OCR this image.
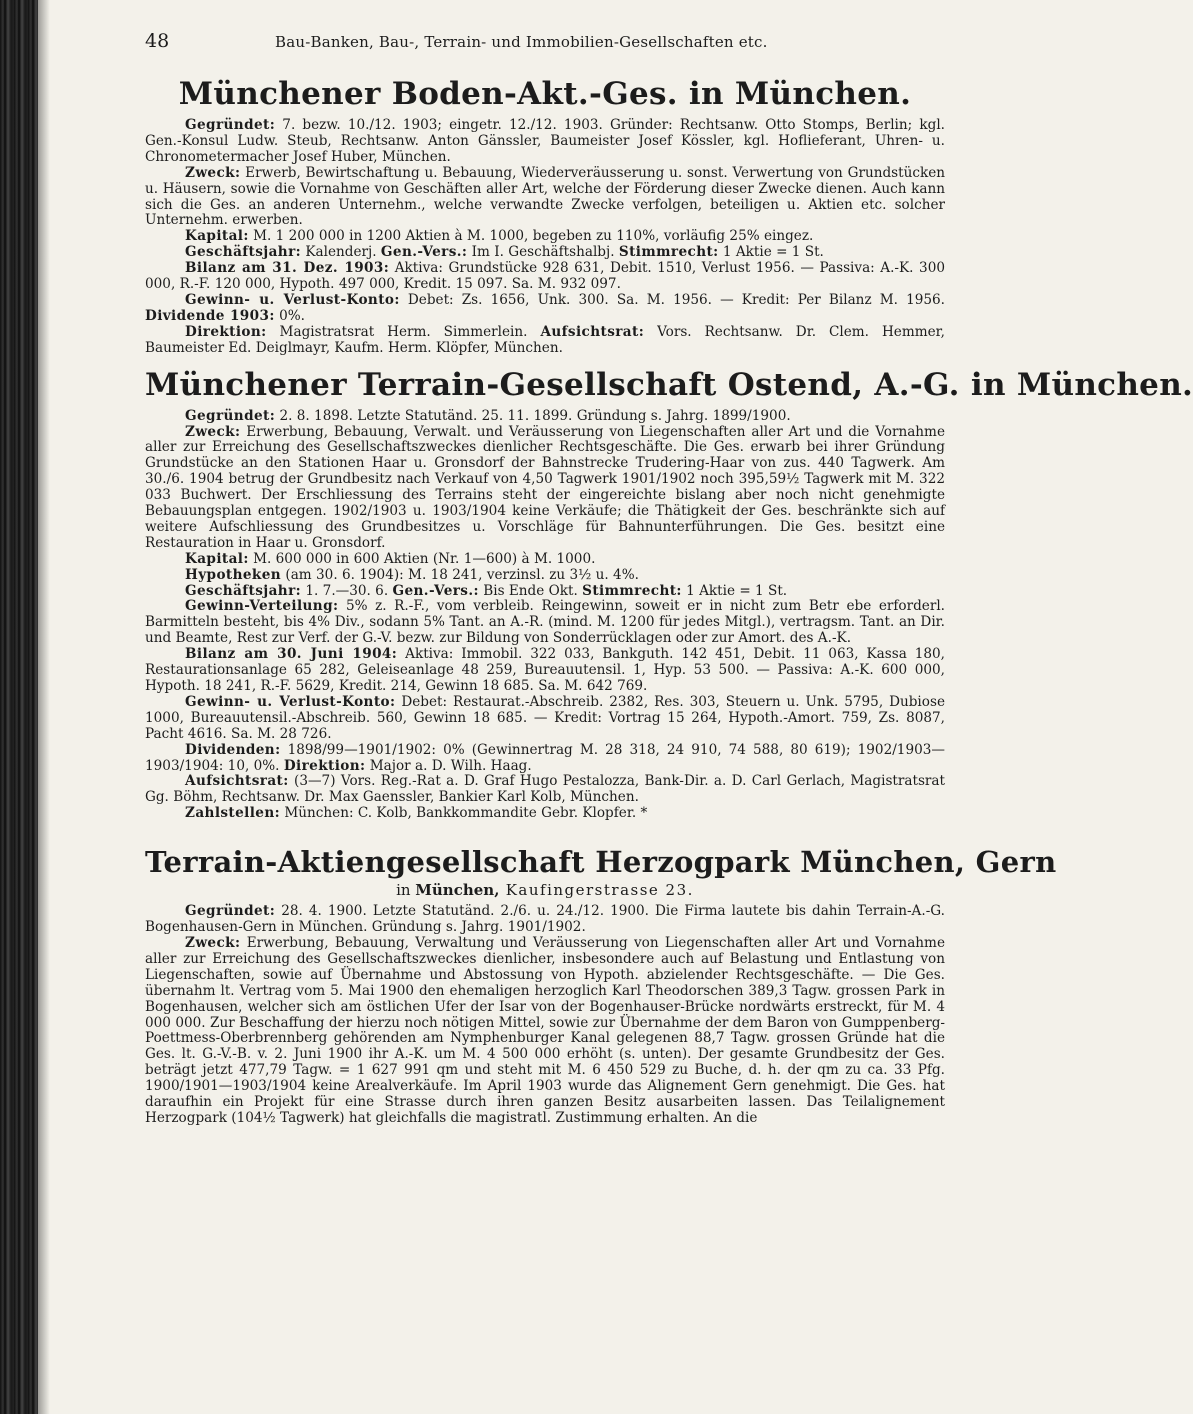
48	Bau-Banken, Bau-, Terrain- und Immobilien-Gesellschaften etc.
Münchener Boden-Akt.-Ges. in München.

Gegründet: 7. bezw. 10./12. 1903; eingetr. 12./12. 1903. Gründer: Rechtsanw. Otto Stomps, Berlin; kgl. Gen.-Konsul Ludw. Steub, Rechtsanw. Anton Gänssler, Baumeister Josef Kössler, kgl. Hoflieferant, Uhren- u. Chronometermacher Josef Huber, München.

Zweck: Erwerb, Bewirtschaftung u. Bebauung, Wiederveräusserung u. sonst. Verwertung von Grundstücken u. Häusern, sowie die Vornahme von Geschäften aller Art, welche der Förderung dieser Zwecke dienen. Auch kann sich die Ges. an anderen Unternehm., welche verwandte Zwecke verfolgen, beteiligen u. Aktien etc. solcher Unternehm. erwerben.

Kapital: M. 1 200 000 in 1200 Aktien à M. 1000, begeben zu 110%, vorläufig 25% eingez.

Geschäftsjahr: Kalenderj. Gen.-Vers.: Im I. Geschäftshalbj. Stimmrecht: 1 Aktie = 1 St.

Bilanz am 31. Dez. 1903: Aktiva: Grundstücke 928 631, Debit. 1510, Verlust 1956. — Passiva: A.-K. 300 000, R.-F. 120 000, Hypoth. 497 000, Kredit. 15 097. Sa. M. 932 097.

Gewinn- u. Verlust-Konto: Debet: Zs. 1656, Unk. 300. Sa. M. 1956. — Kredit: Per Bilanz M. 1956. Dividende 1903: 0%.

Direktion: Magistratsrat Herm. Simmerlein. Aufsichtsrat: Vors. Rechtsanw. Dr. Clem. Hemmer, Baumeister Ed. Deiglmayr, Kaufm. Herm. Klöpfer, München.

Münchener Terrain-Gesellschaft Ostend, A.-G. in München.

Gegründet: 2. 8. 1898. Letzte Statutänd. 25. 11. 1899. Gründung s. Jahrg. 1899/1900.

Zweck: Erwerbung, Bebauung, Verwalt. und Veräusserung von Liegenschaften aller Art und die Vornahme aller zur Erreichung des Gesellschaftszweckes dienlicher Rechtsgeschäfte. Die Ges. erwarb bei ihrer Gründung Grundstücke an den Stationen Haar u. Gronsdorf der Bahnstrecke Trudering-Haar von zus. 440 Tagwerk. Am 30./6. 1904 betrug der Grundbesitz nach Verkauf von 4,50 Tagwerk 1901/1902 noch 395,59½ Tagwerk mit M. 322 033 Buchwert. Der Erschliessung des Terrains steht der eingereichte bislang aber noch nicht genehmigte Bebauungsplan entgegen. 1902/1903 u. 1903/1904 keine Verkäufe; die Thätigkeit der Ges. beschränkte sich auf weitere Aufschliessung des Grundbesitzes u. Vorschläge für Bahnunterführungen. Die Ges. besitzt eine Restauration in Haar u. Gronsdorf.

Kapital: M. 600 000 in 600 Aktien (Nr. 1—600) à M. 1000.

Hypotheken (am 30. 6. 1904): M. 18 241, verzinsl. zu 3½ u. 4%.

Geschäftsjahr: 1. 7.—30. 6. Gen.-Vers.: Bis Ende Okt. Stimmrecht: 1 Aktie = 1 St.

Gewinn-Verteilung: 5% z. R.-F., vom verbleib. Reingewinn, soweit er in nicht zum Betr ebe erforderl. Barmitteln besteht, bis 4% Div., sodann 5% Tant. an A.-R. (mind. M. 1200 für jedes Mitgl.), vertragsm. Tant. an Dir. und Beamte, Rest zur Verf. der G.-V. bezw. zur Bildung von Sonderrücklagen oder zur Amort. des A.-K.

Bilanz am 30. Juni 1904: Aktiva: Immobil. 322 033, Bankguth. 142 451, Debit. 11 063, Kassa 180, Restaurationsanlage 65 282, Geleiseanlage 48 259, Bureauutensil. 1, Hyp. 53 500. — Passiva: A.-K. 600 000, Hypoth. 18 241, R.-F. 5629, Kredit. 214, Gewinn 18 685. Sa. M. 642 769.

Gewinn- u. Verlust-Konto: Debet: Restaurat.-Abschreib. 2382, Res. 303, Steuern u. Unk. 5795, Dubiose 1000, Bureauutensil.-Abschreib. 560, Gewinn 18 685. — Kredit: Vortrag 15 264, Hypoth.-Amort. 759, Zs. 8087, Pacht 4616. Sa. M. 28 726.

Dividenden: 1898/99—1901/1902: 0% (Gewinnertrag M. 28 318, 24 910, 74 588, 80 619); 1902/1903—1903/1904: 10, 0%. Direktion: Major a. D. Wilh. Haag.

Aufsichtsrat: (3—7) Vors. Reg.-Rat a. D. Graf Hugo Pestalozza, Bank-Dir. a. D. Carl Gerlach, Magistratsrat Gg. Böhm, Rechtsanw. Dr. Max Gaenssler, Bankier Karl Kolb, München.

Zahlstellen: München: C. Kolb, Bankkommandite Gebr. Klopfer. *

Terrain-Aktiengesellschaft Herzogpark München, Gern
in München, Kaufingerstrasse 23.

Gegründet: 28. 4. 1900. Letzte Statutänd. 2./6. u. 24./12. 1900. Die Firma lautete bis dahin Terrain-A.-G. Bogenhausen-Gern in München. Gründung s. Jahrg. 1901/1902.

Zweck: Erwerbung, Bebauung, Verwaltung und Veräusserung von Liegenschaften aller Art und Vornahme aller zur Erreichung des Gesellschaftszweckes dienlicher, insbesondere auch auf Belastung und Entlastung von Liegenschaften, sowie auf Übernahme und Abstossung von Hypoth. abzielender Rechtsgeschäfte. — Die Ges. übernahm lt. Vertrag vom 5. Mai 1900 den ehemaligen herzoglich Karl Theodorschen 389,3 Tagw. grossen Park in Bogenhausen, welcher sich am östlichen Ufer der Isar von der Bogenhauser-Brücke nordwärts erstreckt, für M. 4 000 000. Zur Beschaffung der hierzu noch nötigen Mittel, sowie zur Übernahme der dem Baron von Gumppenberg-Poettmess-Oberbrennberg gehörenden am Nymphenburger Kanal gelegenen 88,7 Tagw. grossen Gründe hat die Ges. lt. G.-V.-B. v. 2. Juni 1900 ihr A.-K. um M. 4 500 000 erhöht (s. unten). Der gesamte Grundbesitz der Ges. beträgt jetzt 477,79 Tagw. = 1 627 991 qm und steht mit M. 6 450 529 zu Buche, d. h. der qm zu ca. 33 Pfg. 1900/1901—1903/1904 keine Arealverkäufe. Im April 1903 wurde das Alignement Gern genehmigt. Die Ges. hat daraufhin ein Projekt für eine Strasse durch ihren ganzen Besitz ausarbeiten lassen. Das Teilalignement Herzogpark (104½ Tagwerk) hat gleichfalls die magistratl. Zustimmung erhalten. An die
